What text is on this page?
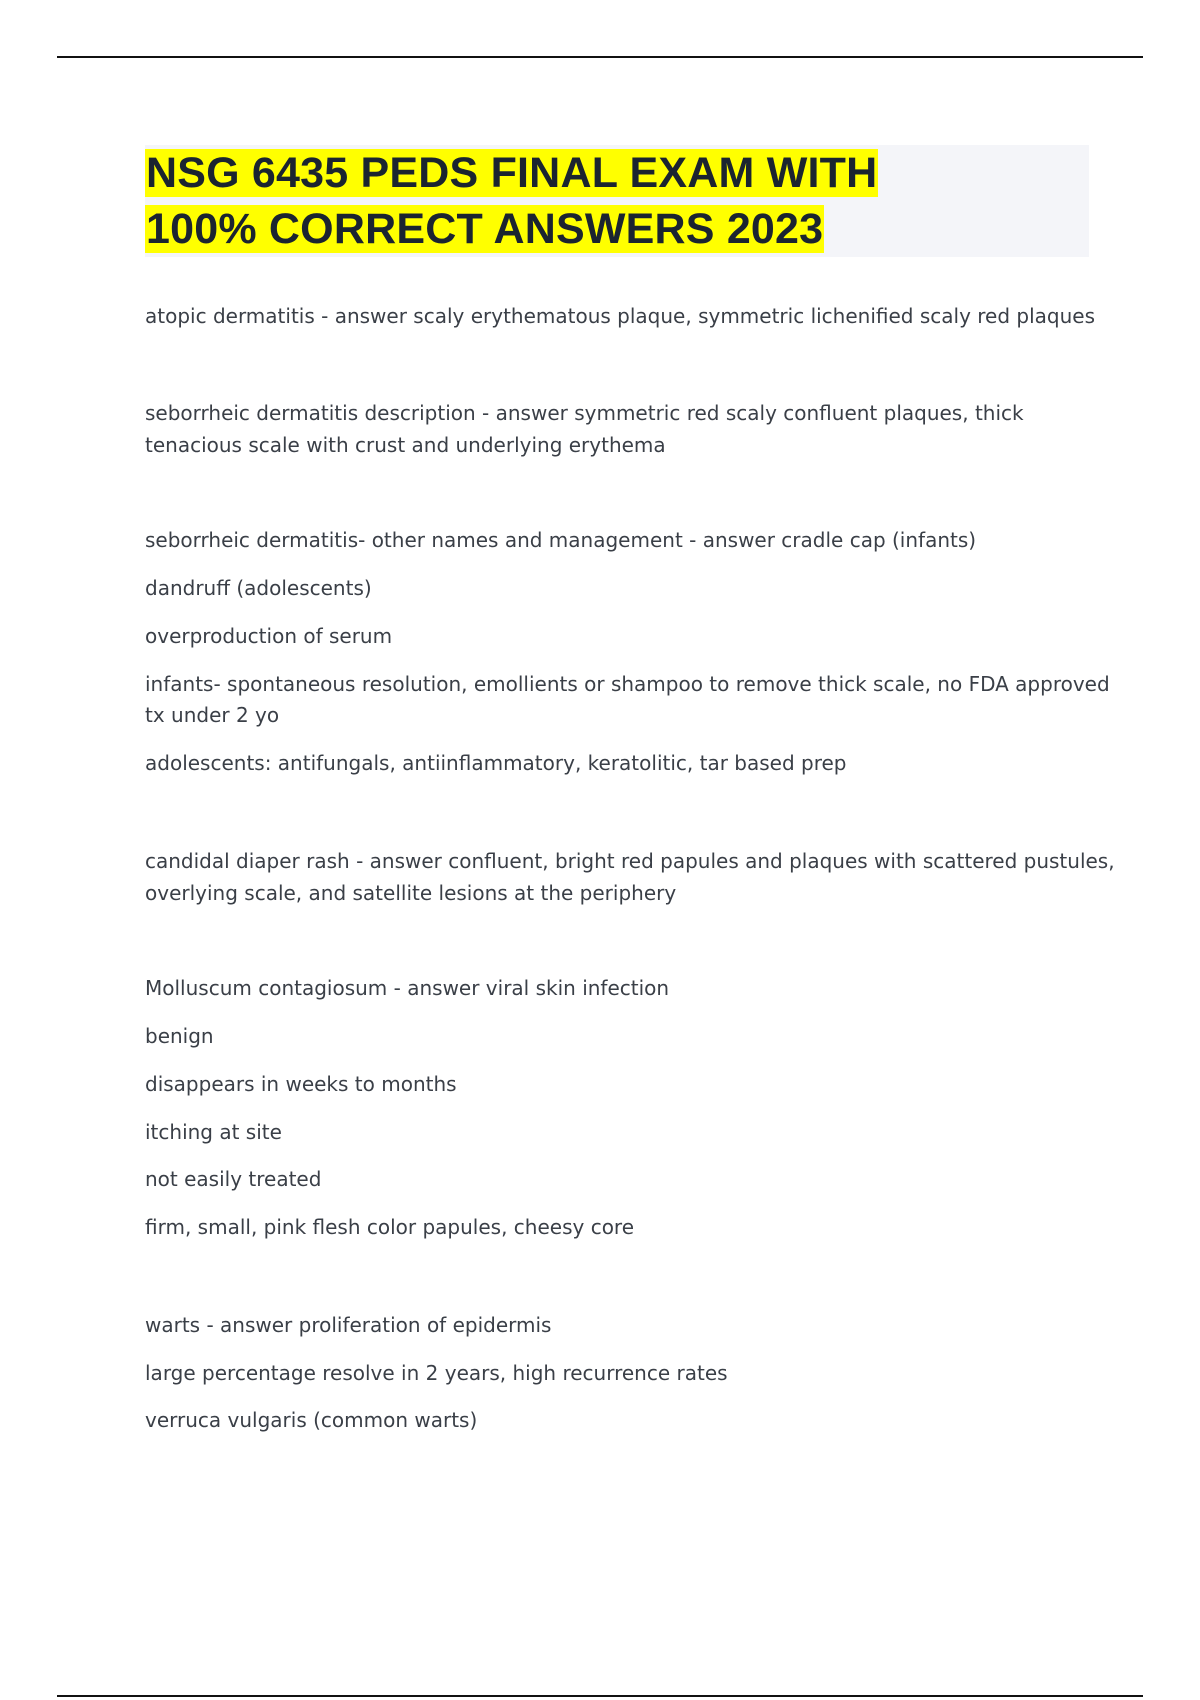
NSG 6435 PEDS FINAL EXAM WITH
100% CORRECT ANSWERS 2023

atopic dermatitis - answer scaly erythematous plaque, symmetric lichenified scaly red plaques

seborrheic dermatitis description - answer symmetric red scaly confluent plaques, thick

tenacious scale with crust and underlying erythema

seborrheic dermatitis- other names and management - answer cradle cap (infants)

dandruff (adolescents)

overproduction of serum

infants- spontaneous resolution, emollients or shampoo to remove thick scale, no FDA approved

tx under 2 yo

adolescents: antifungals, antiinflammatory, keratolitic, tar based prep

candidal diaper rash - answer confluent, bright red papules and plaques with scattered pustules,

overlying scale, and satellite lesions at the periphery

Molluscum contagiosum - answer viral skin infection

benign

disappears in weeks to months

itching at site

not easily treated

firm, small, pink flesh color papules, cheesy core

warts - answer proliferation of epidermis

large percentage resolve in 2 years, high recurrence rates

verruca vulgaris (common warts)
